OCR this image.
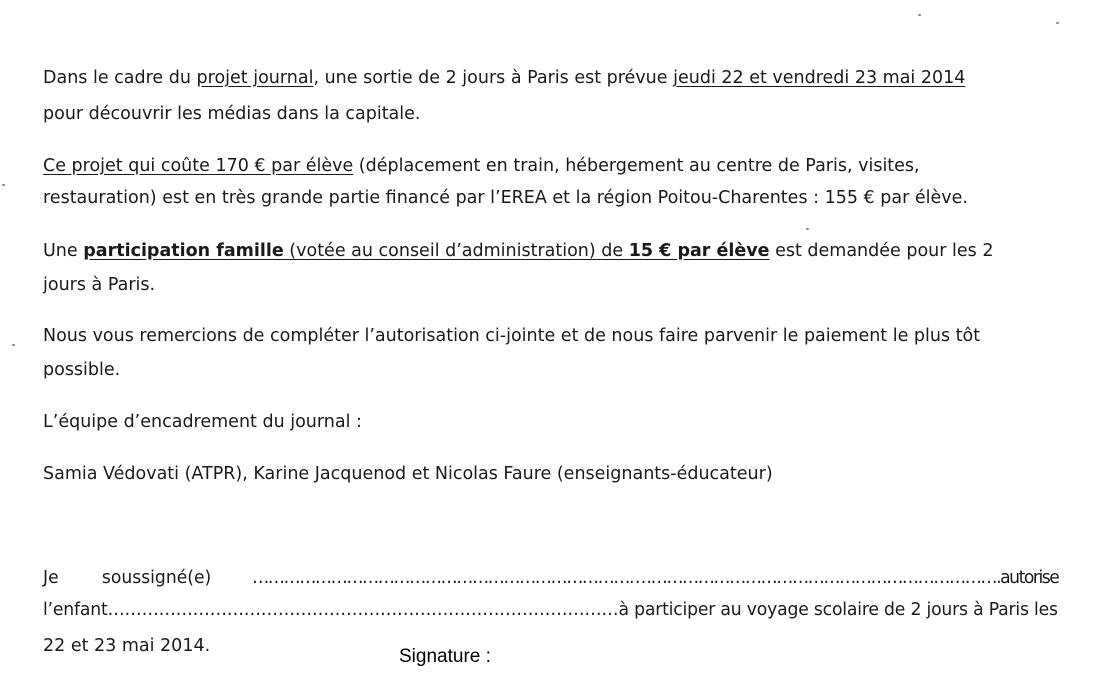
Dans le cadre du projet journal, une sortie de 2 jours à Paris est prévue jeudi 22 et vendredi 23 mai 2014
pour découvrir les médias dans la capitale.
Ce projet qui coûte 170 € par élève (déplacement en train, hébergement au centre de Paris, visites,
restauration) est en très grande partie financé par l’EREA et la région Poitou-Charentes : 155 € par élève.
Une participation famille (votée au conseil d’administration) de 15 € par élève est demandée pour les 2
jours à Paris.
Nous vous remercions de compléter l’autorisation ci-jointe et de nous faire parvenir le paiement le plus tôt
possible.
L’équipe d’encadrement du journal :
Samia Védovati (ATPR), Karine Jacquenod et Nicolas Faure (enseignants-éducateur)
Je soussigné(e) ………………………………………………………………. …………………………………………………………….autorise
l’enfant………………………………………………………………………………à participer au voyage scolaire de 2 jours à Paris les
22 et 23 mai 2014.	Signature :
